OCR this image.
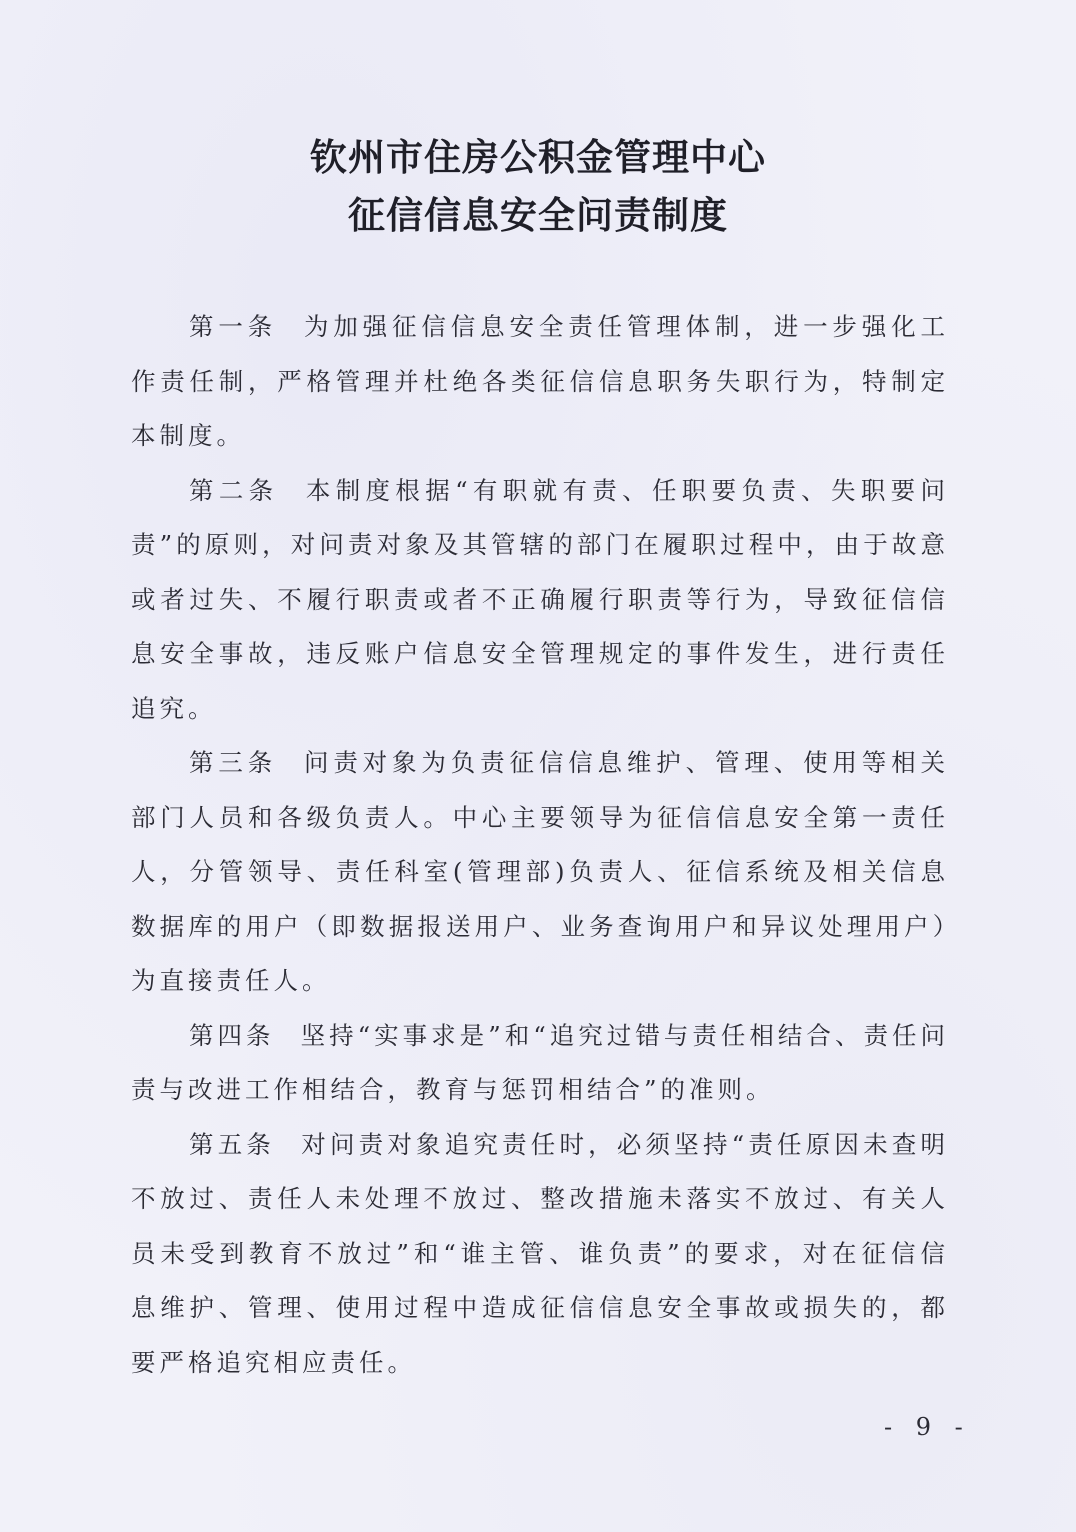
钦州市住房公积金管理中心
征信信息安全问责制度

第一条 为加强征信信息安全责任管理体制，进一步强化工作责任制，严格管理并杜绝各类征信信息职务失职行为，特制定本制度。

第二条 本制度根据“有职就有责、任职要负责、失职要问责”的原则，对问责对象及其管辖的部门在履职过程中，由于故意或者过失、不履行职责或者不正确履行职责等行为，导致征信信息安全事故，违反账户信息安全管理规定的事件发生，进行责任追究。

第三条 问责对象为负责征信信息维护、管理、使用等相关部门人员和各级负责人。中心主要领导为征信信息安全第一责任人，分管领导、责任科室(管理部)负责人、征信系统及相关信息数据库的用户（即数据报送用户、业务查询用户和异议处理用户）为直接责任人。

第四条 坚持“实事求是”和“追究过错与责任相结合、责任问责与改进工作相结合，教育与惩罚相结合”的准则。

第五条 对问责对象追究责任时，必须坚持“责任原因未查明不放过、责任人未处理不放过、整改措施未落实不放过、有关人员未受到教育不放过”和“谁主管、谁负责”的要求，对在征信信息维护、管理、使用过程中造成征信信息安全事故或损失的，都要严格追究相应责任。

- 9 -
